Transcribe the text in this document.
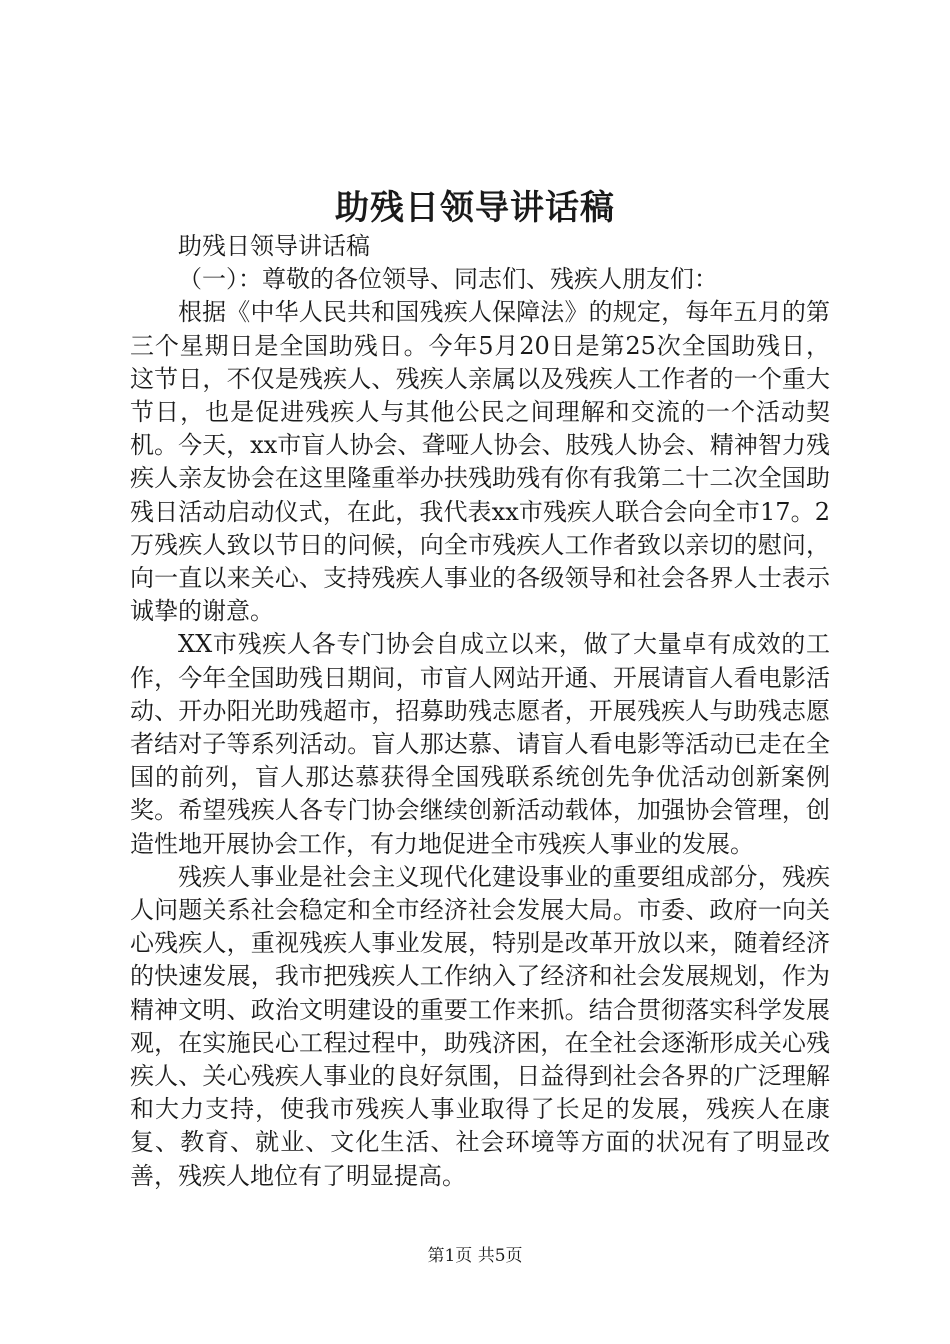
助残日领导讲话稿

助残日领导讲话稿

（一）：尊敬的各位领导、同志们、残疾人朋友们：

根据《中华人民共和国残疾人保障法》的规定，每年五月的第三个星期日是全国助残日。今年5月20日是第25次全国助残日，这节日，不仅是残疾人、残疾人亲属以及残疾人工作者的一个重大节日，也是促进残疾人与其他公民之间理解和交流的一个活动契机。今天，xx市盲人协会、聋哑人协会、肢残人协会、精神智力残疾人亲友协会在这里隆重举办扶残助残有你有我第二十二次全国助残日活动启动仪式，在此，我代表xx市残疾人联合会向全市17。2万残疾人致以节日的问候，向全市残疾人工作者致以亲切的慰问，向一直以来关心、支持残疾人事业的各级领导和社会各界人士表示诚挚的谢意。

XX市残疾人各专门协会自成立以来，做了大量卓有成效的工作，今年全国助残日期间，市盲人网站开通、开展请盲人看电影活动、开办阳光助残超市，招募助残志愿者，开展残疾人与助残志愿者结对子等系列活动。盲人那达慕、请盲人看电影等活动已走在全国的前列，盲人那达慕获得全国残联系统创先争优活动创新案例奖。希望残疾人各专门协会继续创新活动载体，加强协会管理，创造性地开展协会工作，有力地促进全市残疾人事业的发展。

残疾人事业是社会主义现代化建设事业的重要组成部分，残疾人问题关系社会稳定和全市经济社会发展大局。市委、政府一向关心残疾人，重视残疾人事业发展，特别是改革开放以来，随着经济的快速发展，我市把残疾人工作纳入了经济和社会发展规划，作为精神文明、政治文明建设的重要工作来抓。结合贯彻落实科学发展观，在实施民心工程过程中，助残济困，在全社会逐渐形成关心残疾人、关心残疾人事业的良好氛围，日益得到社会各界的广泛理解和大力支持，使我市残疾人事业取得了长足的发展，残疾人在康复、教育、就业、文化生活、社会环境等方面的状况有了明显改善，残疾人地位有了明显提高。

第1页 共5页
